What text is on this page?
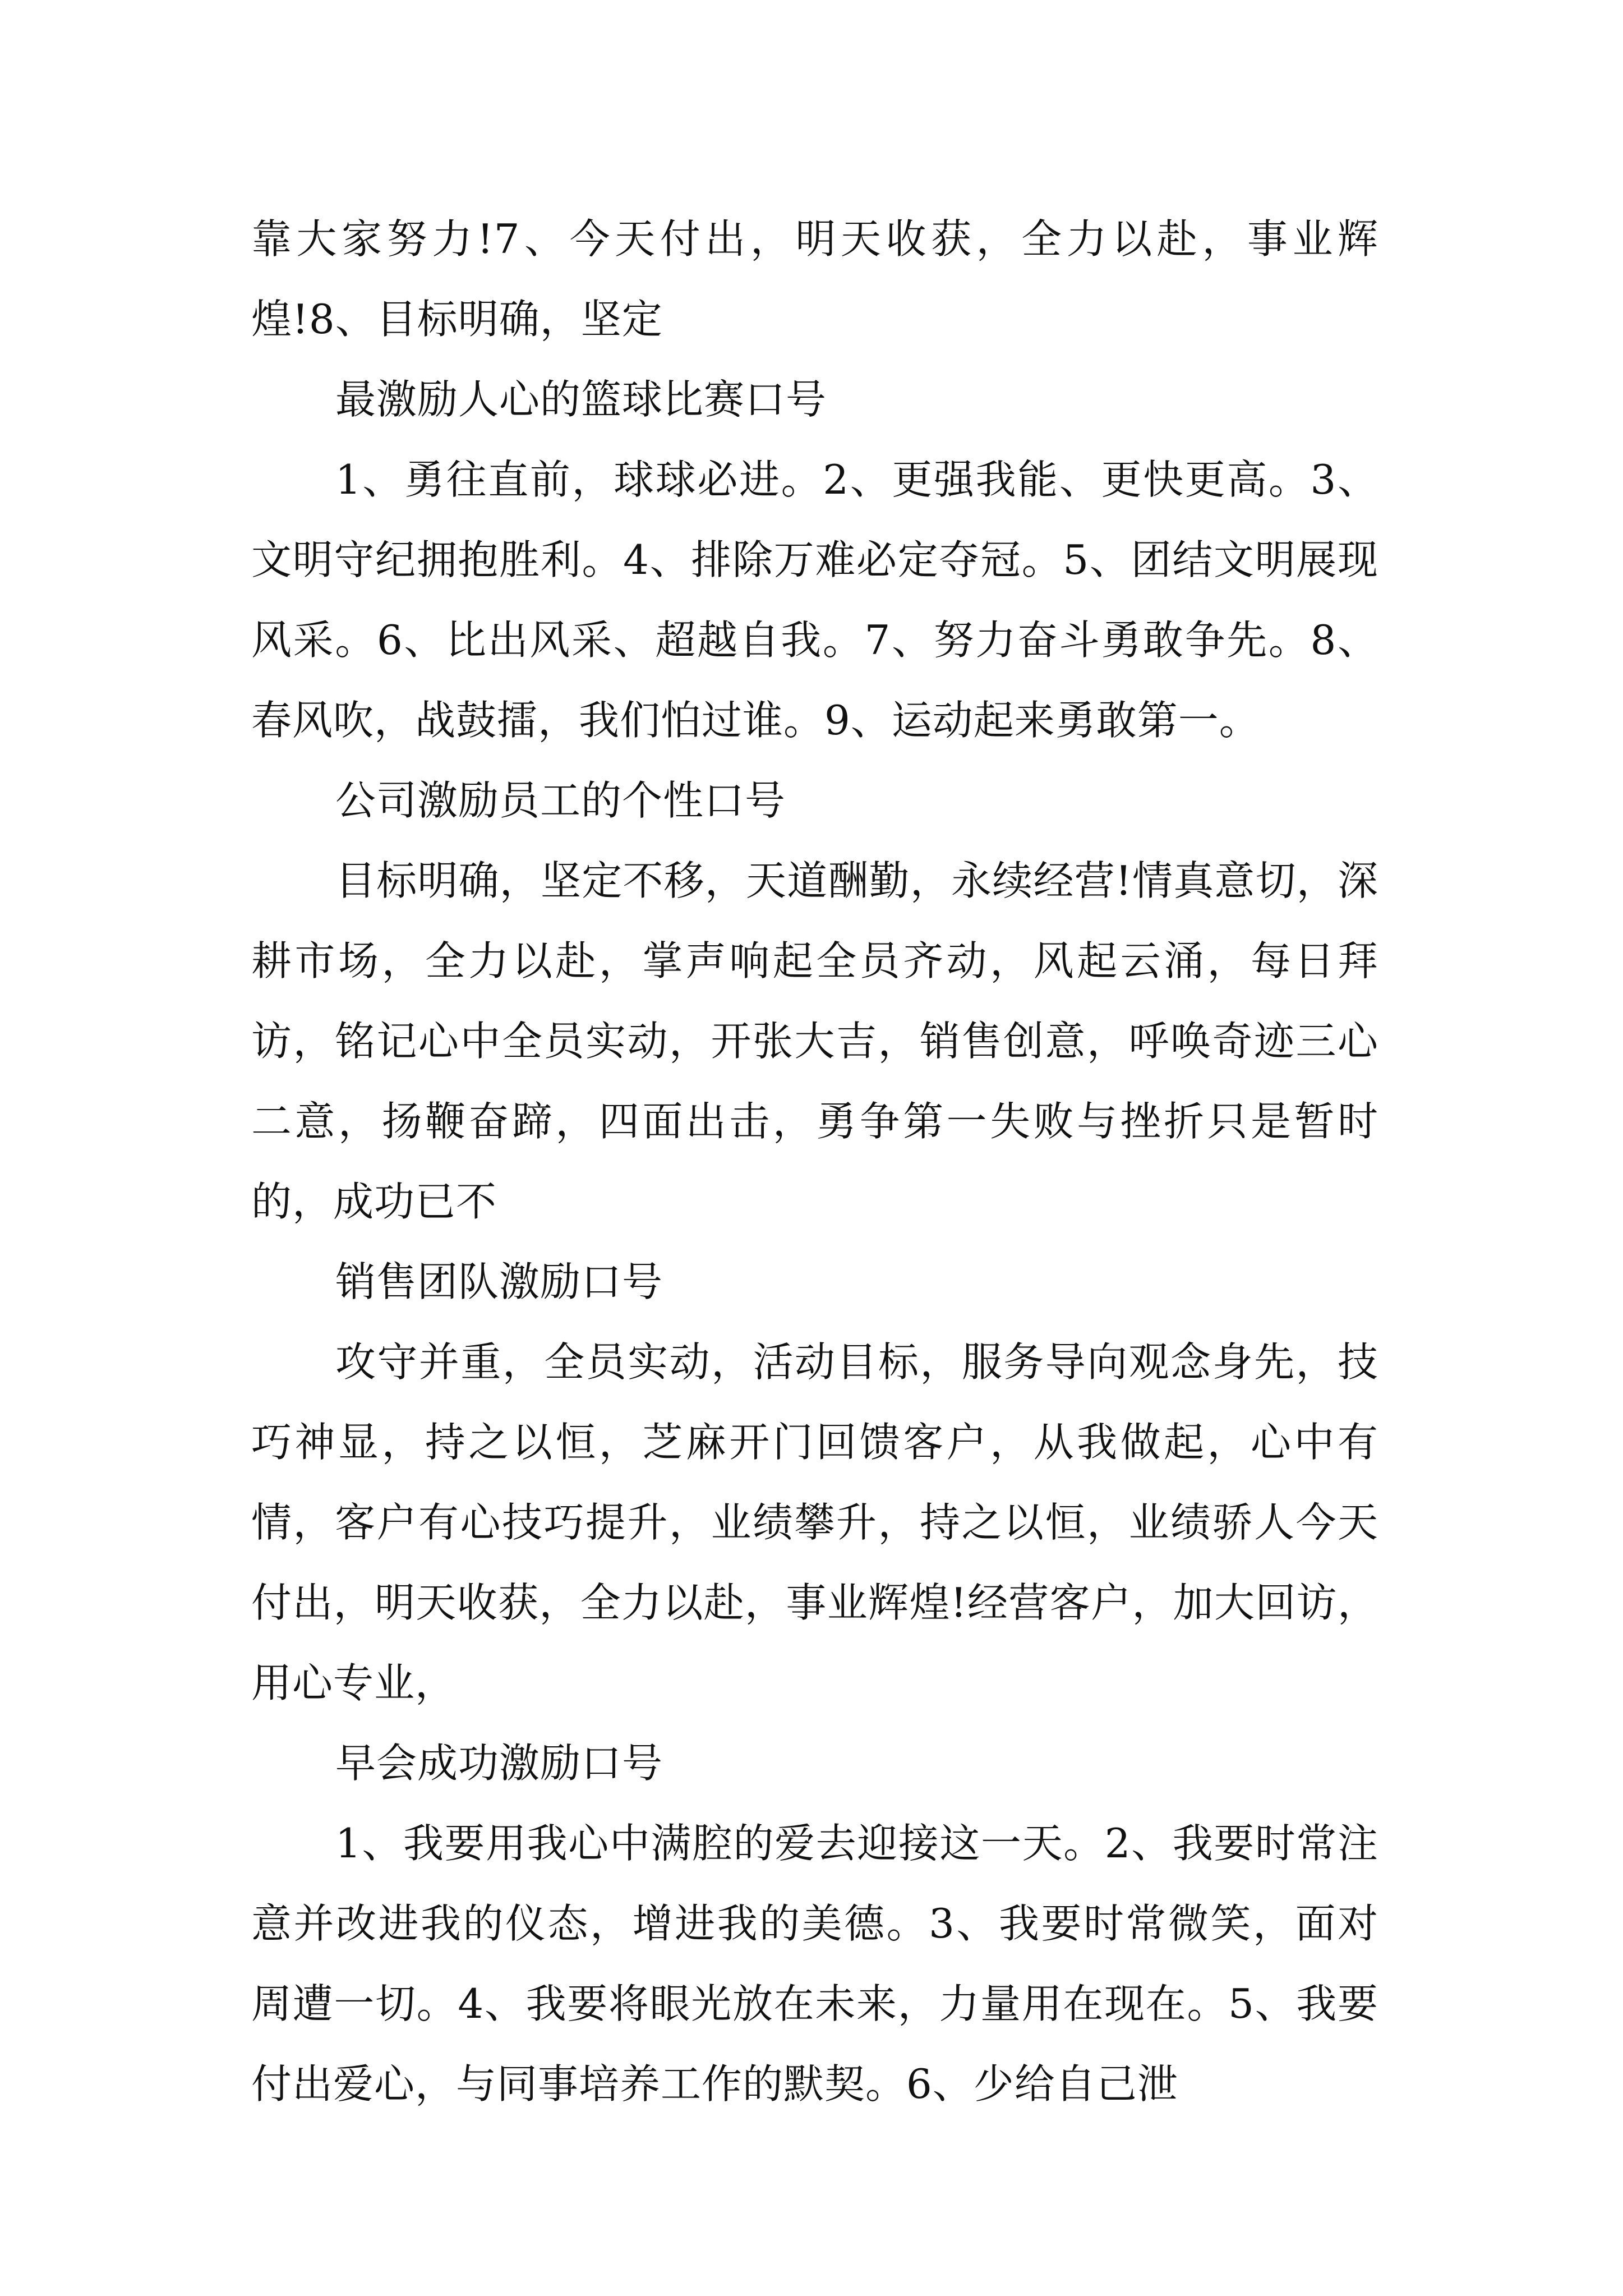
靠大家努力!7、今天付出，明天收获，全力以赴，事业辉煌!8、目标明确，坚定

最激励人心的篮球比赛口号

1、勇往直前，球球必进。2、更强我能、更快更高。3、文明守纪拥抱胜利。4、排除万难必定夺冠。5、团结文明展现风采。6、比出风采、超越自我。7、努力奋斗勇敢争先。8、春风吹，战鼓擂，我们怕过谁。9、运动起来勇敢第一。

公司激励员工的个性口号

目标明确，坚定不移，天道酬勤，永续经营!情真意切，深耕市场，全力以赴，掌声响起全员齐动，风起云涌，每日拜访，铭记心中全员实动，开张大吉，销售创意，呼唤奇迹三心二意，扬鞭奋蹄，四面出击，勇争第一失败与挫折只是暂时的，成功已不

销售团队激励口号

攻守并重，全员实动，活动目标，服务导向观念身先，技巧神显，持之以恒，芝麻开门回馈客户，从我做起，心中有情，客户有心技巧提升，业绩攀升，持之以恒，业绩骄人今天付出，明天收获，全力以赴，事业辉煌!经营客户，加大回访，用心专业，

早会成功激励口号

1、我要用我心中满腔的爱去迎接这一天。2、我要时常注意并改进我的仪态，增进我的美德。3、我要时常微笑，面对周遭一切。4、我要将眼光放在未来，力量用在现在。5、我要付出爱心，与同事培养工作的默契。6、少给自己泄
